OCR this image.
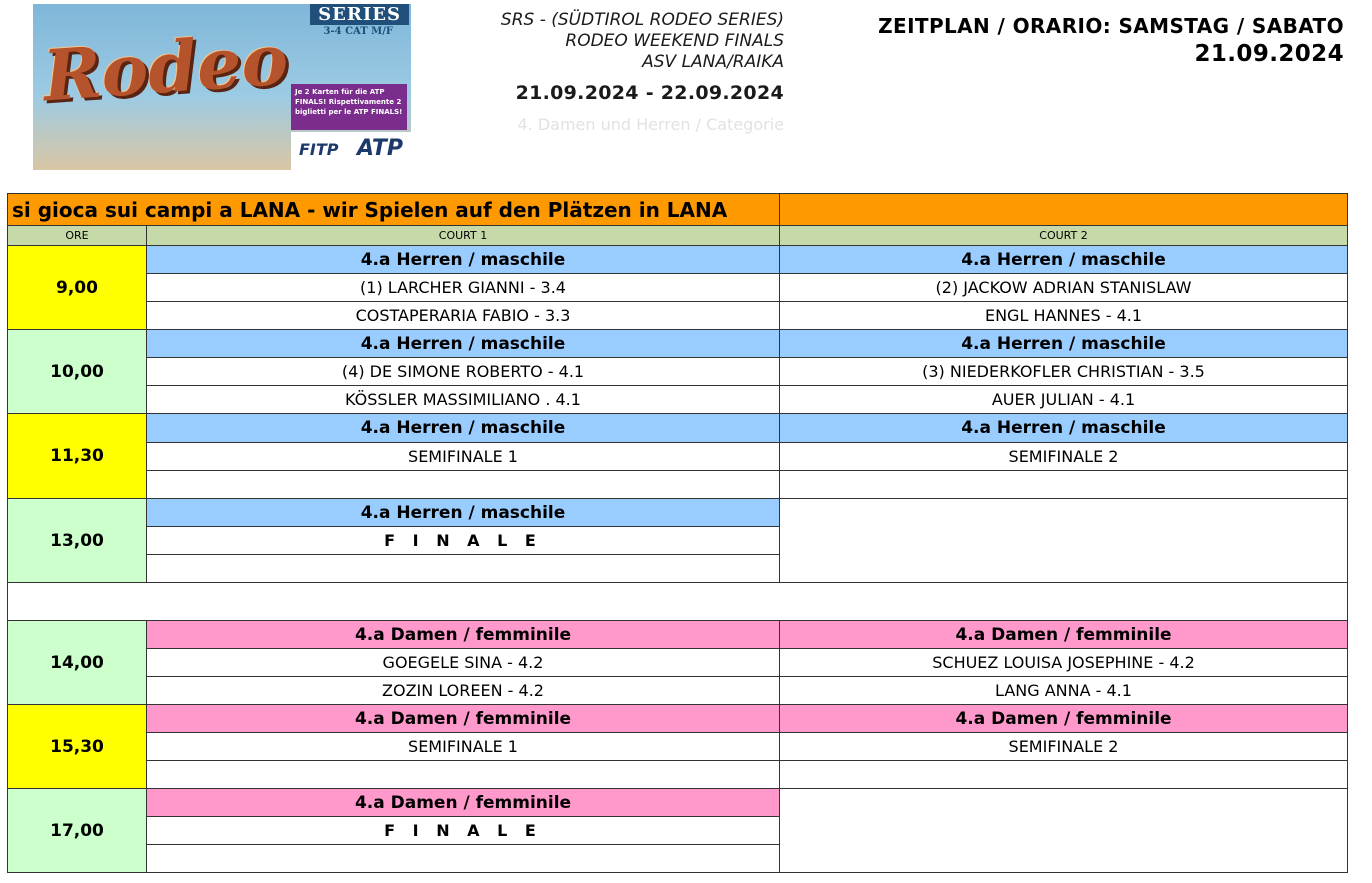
SERIES
3-4 CAT M/F
Rodeo Je 2 Karten für die ATP FINALS! Rispettivamente 2 biglietti per le ATP FINALS!
FITP ATP
SRS - (SÜDTIROL RODEO SERIES)
RODEO WEEKEND FINALS
ASV LANA/RAIKA
21.09.2024 - 22.09.2024
4. Damen und Herren / Categorie
ZEITPLAN / ORARIO: SAMSTAG / SABATO
21.09.2024
si gioca sui campi a LANA - wir Spielen auf den Plätzen in LANA
ORE	COURT 1	COURT 2
9,00
4.a Herren / maschile
(1) LARCHER GIANNI - 3.4
COSTAPERARIA FABIO - 3.3
4.a Herren / maschile
(2) JACKOW ADRIAN STANISLAW
ENGL HANNES - 4.1
10,00
4.a Herren / maschile
(4) DE SIMONE ROBERTO - 4.1
KÖSSLER MASSIMILIANO . 4.1
4.a Herren / maschile
(3) NIEDERKOFLER CHRISTIAN - 3.5
AUER JULIAN - 4.1
11,30
4.a Herren / maschile
SEMIFINALE 1
4.a Herren / maschile
SEMIFINALE 2
13,00
4.a Herren / maschile
F I N A L E
14,00
4.a Damen / femminile
GOEGELE SINA - 4.2
ZOZIN LOREEN - 4.2
4.a Damen / femminile
SCHUEZ LOUISA JOSEPHINE - 4.2
LANG ANNA - 4.1
15,30
4.a Damen / femminile
SEMIFINALE 1
4.a Damen / femminile
SEMIFINALE 2
17,00
4.a Damen / femminile
F I N A L E
